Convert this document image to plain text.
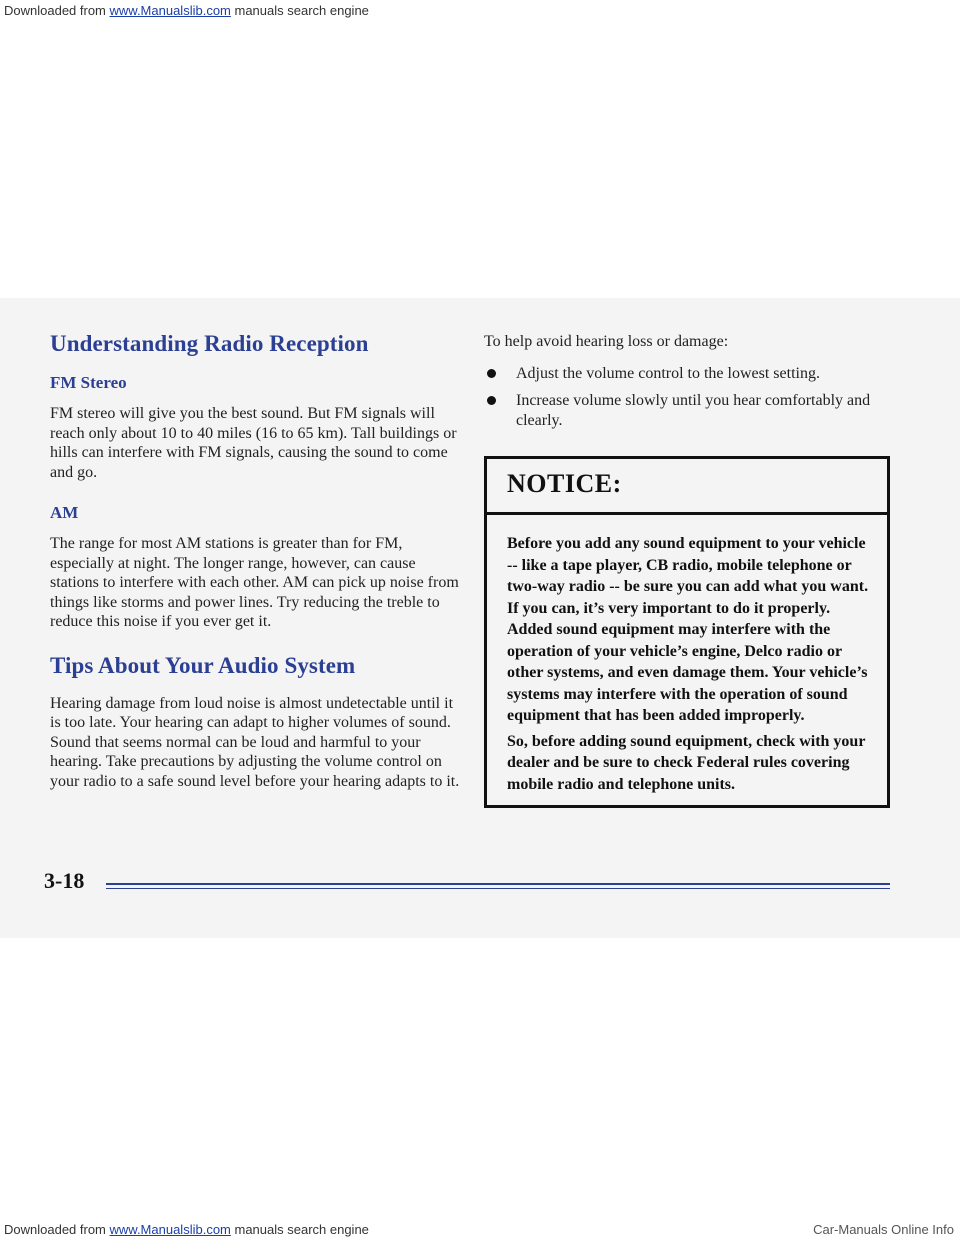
Downloaded from www.Manualslib.com manuals search engine
Understanding Radio Reception
FM Stereo

FM stereo will give you the best sound. But FM signals will reach only about 10 to 40 miles (16 to 65 km). Tall buildings or hills can interfere with FM signals, causing the sound to come and go.

AM

The range for most AM stations is greater than for FM, especially at night. The longer range, however, can cause stations to interfere with each other. AM can pick up noise from things like storms and power lines. Try reducing the treble to reduce this noise if you ever get it.

Tips About Your Audio System

Hearing damage from loud noise is almost undetectable until it is too late. Your hearing can adapt to higher volumes of sound. Sound that seems normal can be loud and harmful to your hearing. Take precautions by adjusting the volume control on your radio to a safe sound level before your hearing adapts to it.

To help avoid hearing loss or damage:

Adjust the volume control to the lowest setting.
Increase volume slowly until you hear comfortably and clearly.
NOTICE:

Before you add any sound equipment to your vehicle -- like a tape player, CB radio, mobile telephone or two-way radio -- be sure you can add what you want. If you can, it’s very important to do it properly. Added sound equipment may interfere with the operation of your vehicle’s engine, Delco radio or other systems, and even damage them. Your vehicle’s systems may interfere with the operation of sound equipment that has been added improperly.

So, before adding sound equipment, check with your dealer and be sure to check Federal rules covering mobile radio and telephone units.

3-18
Downloaded from www.Manualslib.com manuals search engine	Car-Manuals Online Info
